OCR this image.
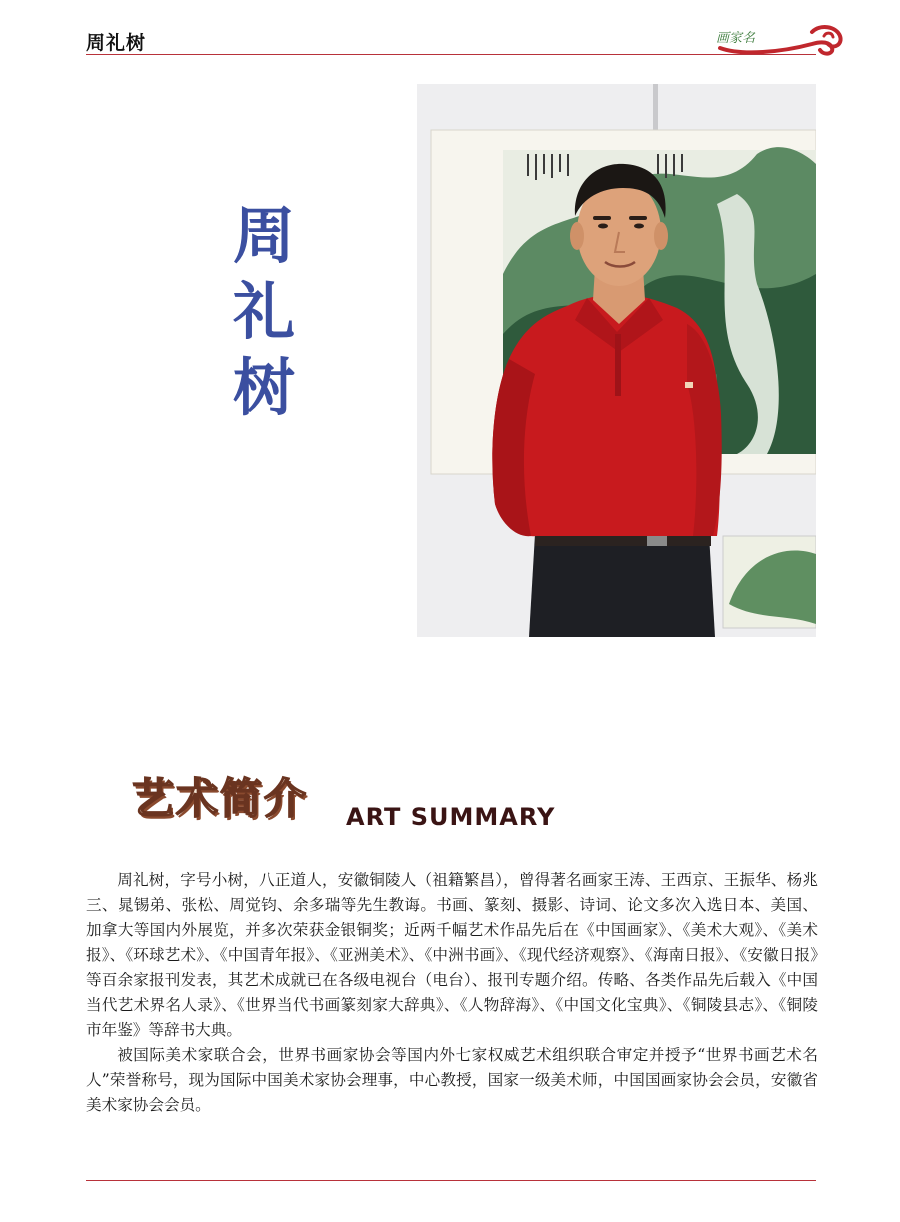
周礼树	画家名
周
礼
树
艺术简介 ART SUMMARY

周礼树，字号小树，八正道人，安徽铜陵人（祖籍繁昌），曾得著名画家王涛、王西京、王振华、杨兆三、晁锡弟、张松、周觉钧、余多瑞等先生教诲。书画、篆刻、摄影、诗词、论文多次入选日本、美国、加拿大等国内外展览，并多次荣获金银铜奖；近两千幅艺术作品先后在《中国画家》、《美术大观》、《美术报》、《环球艺术》、《中国青年报》、《亚洲美术》、《中洲书画》、《现代经济观察》、《海南日报》、《安徽日报》等百余家报刊发表，其艺术成就已在各级电视台（电台）、报刊专题介绍。传略、各类作品先后载入《中国当代艺术界名人录》、《世界当代书画篆刻家大辞典》、《人物辞海》、《中国文化宝典》、《铜陵县志》、《铜陵市年鉴》等辞书大典。

被国际美术家联合会，世界书画家协会等国内外七家权威艺术组织联合审定并授予“世界书画艺术名人”荣誉称号，现为国际中国美术家协会理事，中心教授，国家一级美术师，中国国画家协会会员，安徽省美术家协会会员。
